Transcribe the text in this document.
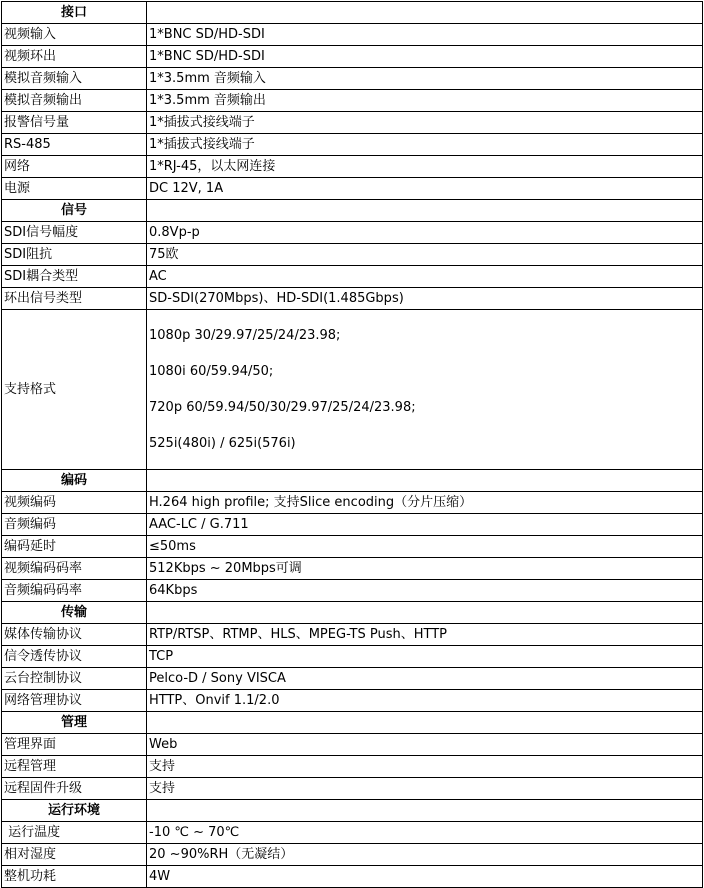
接口	
视频输入	1*BNC SD/HD-SDI
视频环出	1*BNC SD/HD-SDI
模拟音频输入	1*3.5mm 音频输入
模拟音频输出	1*3.5mm 音频输出
报警信号量	1*插拔式接线端子
RS-485	1*插拔式接线端子
网络	1*RJ-45，以太网连接
电源	DC 12V, 1A
信号	
SDI信号幅度	0.8Vp-p
SDI阻抗	75欧
SDI耦合类型	AC
环出信号类型	SD-SDI(270Mbps)、HD-SDI(1.485Gbps)
支持格式	1080p 30/29.97/25/24/23.98;
1080i 60/59.94/50;
720p 60/59.94/50/30/29.97/25/24/23.98;
525i(480i) / 625i(576i)

编码	
视频编码	H.264 high profile; 支持Slice encoding（分片压缩）
音频编码	AAC-LC / G.711
编码延时	≤50ms
视频编码码率	512Kbps ~ 20Mbps可调
音频编码码率	64Kbps
传输	
媒体传输协议	RTP/RTSP、RTMP、HLS、MPEG-TS Push、HTTP
信令透传协议	TCP
云台控制协议	Pelco-D / Sony VISCA
网络管理协议	HTTP、Onvif 1.1/2.0
管理	
管理界面	Web
远程管理	支持
远程固件升级	支持
运行环境	
运行温度	-10 ℃ ~ 70℃
相对湿度	20 ~90%RH（无凝结）
整机功耗	4W
